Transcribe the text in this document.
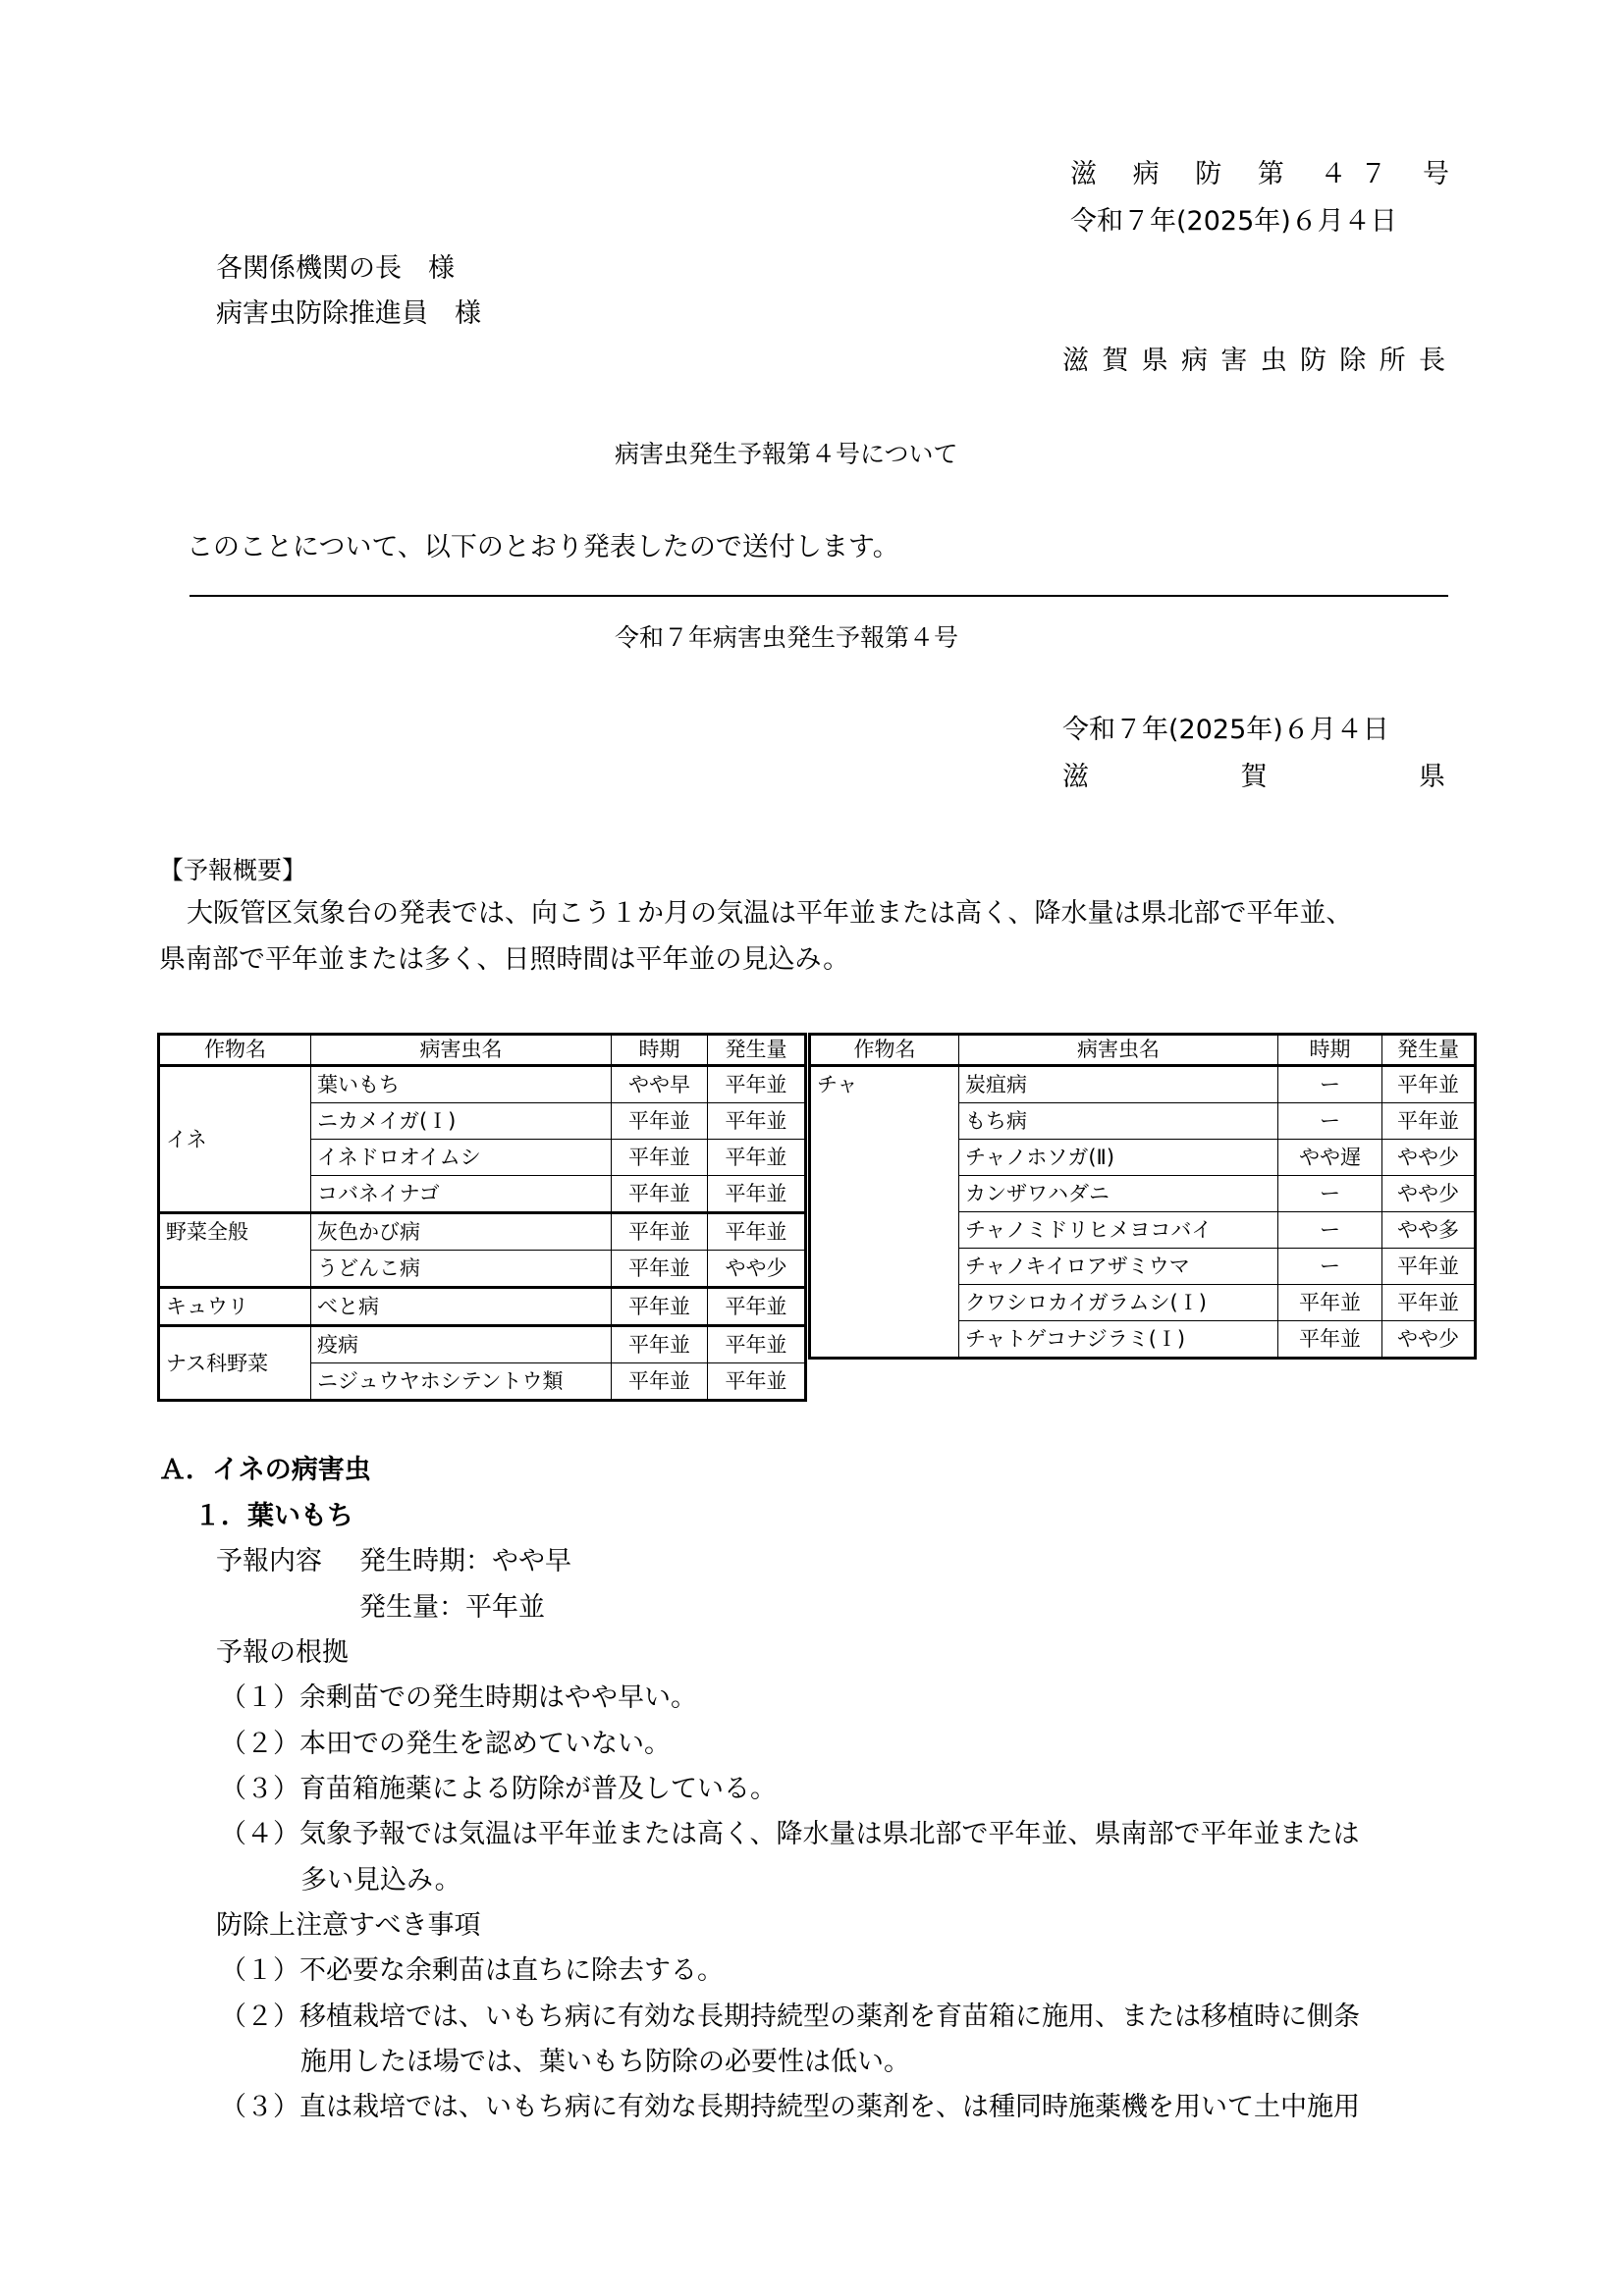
滋 病 防 第 ４ ７ 号
令和７年(2025年)６月４日
各関係機関の長　様
病害虫防除推進員　様
滋 賀 県 病 害 虫 防 除 所 長
病害虫発生予報第４号について
このことについて、以下のとおり発表したので送付します。
令和７年病害虫発生予報第４号
令和７年(2025年)６月４日
滋	賀	県
【予報概要】
大阪管区気象台の発表では、向こう１か月の気温は平年並または高く、降水量は県北部で平年並、
県南部で平年並または多く、日照時間は平年並の見込み。
作物名	病害虫名	時期	発生量
イネ	葉いもち	やや早	平年並
	ニカメイガ(Ｉ)	平年並	平年並
	イネドロオイムシ	平年並	平年並
	コバネイナゴ	平年並	平年並
野菜全般	灰色かび病	平年並	平年並
	うどんこ病	平年並	やや少
キュウリ	べと病	平年並	平年並
ナス科野菜	疫病	平年並	平年並
	ニジュウヤホシテントウ類	平年並	平年並
作物名	病害虫名	時期	発生量
チャ	炭疽病	ー	平年並
	もち病	ー	平年並
	チャノホソガ(Ⅱ)	やや遅	やや少
	カンザワハダニ	ー	やや少
	チャノミドリヒメヨコバイ	ー	やや多
	チャノキイロアザミウマ	ー	平年並
	クワシロカイガラムシ(Ｉ)	平年並	平年並
	チャトゲコナジラミ(Ｉ)	平年並	やや少
Ａ．イネの病害虫
１．葉いもち
予報内容 発生時期：やや早
発生量：平年並
予報の根拠
（１）余剰苗での発生時期はやや早い。
（２）本田での発生を認めていない。
（３）育苗箱施薬による防除が普及している。
（４）気象予報では気温は平年並または高く、降水量は県北部で平年並、県南部で平年並または
多い見込み。
防除上注意すべき事項
（１）不必要な余剰苗は直ちに除去する。
（２）移植栽培では、いもち病に有効な長期持続型の薬剤を育苗箱に施用、または移植時に側条
施用したほ場では、葉いもち防除の必要性は低い。
（３）直は栽培では、いもち病に有効な長期持続型の薬剤を、は種同時施薬機を用いて土中施用
